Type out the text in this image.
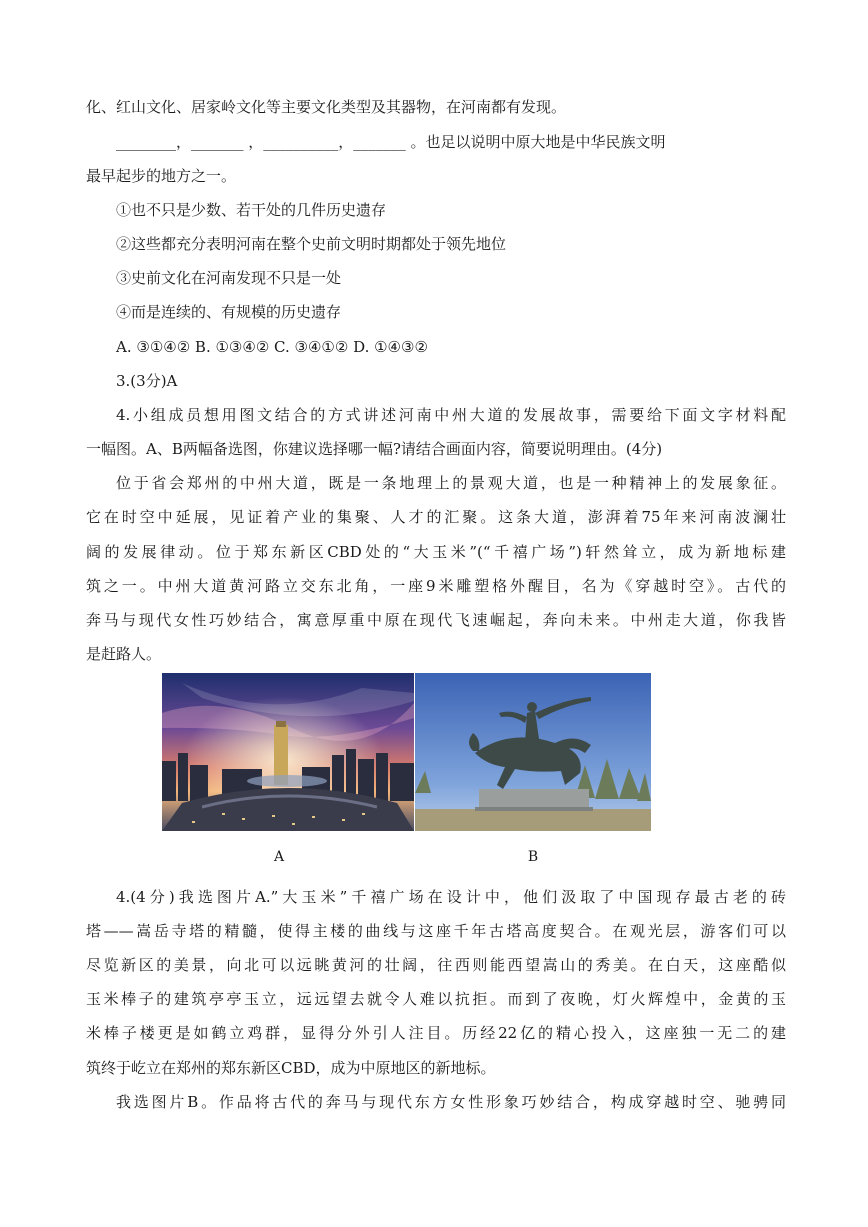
化、红山文化、居家岭文化等主要文化类型及其器物，在河南都有发现。
________，_______ ，__________，_______ 。也足以说明中原大地是中华民族文明
最早起步的地方之一。
①也不只是少数、若干处的几件历史遗存
②这些都充分表明河南在整个史前文明时期都处于领先地位
③史前文化在河南发现不只是一处
④而是连续的、有规模的历史遗存
A. ③①④② B. ①③④② C. ③④①② D. ①④③②
3.(3分)A
4.小组成员想用图文结合的方式讲述河南中州大道的发展故事，需要给下面文字材料配
一幅图。A、B两幅备选图，你建议选择哪一幅?请结合画面内容，简要说明理由。(4分)
位于省会郑州的中州大道，既是一条地理上的景观大道，也是一种精神上的发展象征。
它在时空中延展，见证着产业的集聚、人才的汇聚。这条大道，澎湃着75年来河南波澜壮
阔的发展律动。位于郑东新区CBD处的“大玉米”(“千禧广场”)轩然耸立，成为新地标建
筑之一。中州大道黄河路立交东北角，一座9米雕塑格外醒目，名为《穿越时空》。古代的
奔马与现代女性巧妙结合，寓意厚重中原在现代飞速崛起，奔向未来。中州走大道，你我皆
是赶路人。
A	B
4.(4分)我选图片A.”大玉米”千禧广场在设计中，他们汲取了中国现存最古老的砖
塔——嵩岳寺塔的精髓，使得主楼的曲线与这座千年古塔高度契合。在观光层，游客们可以
尽览新区的美景，向北可以远眺黄河的壮阔，往西则能西望嵩山的秀美。在白天，这座酷似
玉米棒子的建筑亭亭玉立，远远望去就令人难以抗拒。而到了夜晚，灯火辉煌中，金黄的玉
米棒子楼更是如鹤立鸡群，显得分外引人注目。历经22亿的精心投入，这座独一无二的建
筑终于屹立在郑州的郑东新区CBD，成为中原地区的新地标。
我选图片B。作品将古代的奔马与现代东方女性形象巧妙结合，构成穿越时空、驰骋同
